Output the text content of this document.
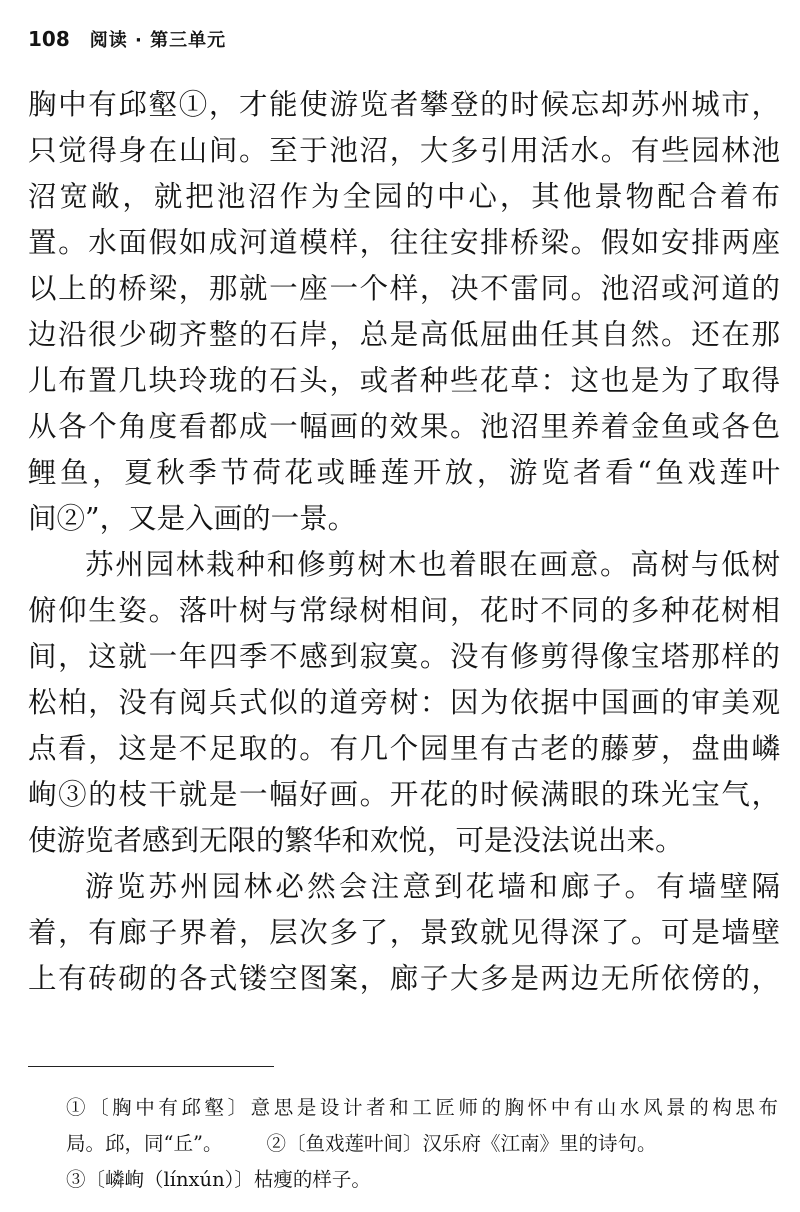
108 阅读 · 第三单元
胸中有邱壑①，才能使游览者攀登的时候忘却苏州城市，
只觉得身在山间。至于池沼，大多引用活水。有些园林池
沼宽敞，就把池沼作为全园的中心，其他景物配合着布
置。水面假如成河道模样，往往安排桥梁。假如安排两座
以上的桥梁，那就一座一个样，决不雷同。池沼或河道的
边沿很少砌齐整的石岸，总是高低屈曲任其自然。还在那
儿布置几块玲珑的石头，或者种些花草：这也是为了取得
从各个角度看都成一幅画的效果。池沼里养着金鱼或各色
鲤鱼，夏秋季节荷花或睡莲开放，游览者看“鱼戏莲叶
间②”，又是入画的一景。
苏州园林栽种和修剪树木也着眼在画意。高树与低树
俯仰生姿。落叶树与常绿树相间，花时不同的多种花树相
间，这就一年四季不感到寂寞。没有修剪得像宝塔那样的
松柏，没有阅兵式似的道旁树：因为依据中国画的审美观
点看，这是不足取的。有几个园里有古老的藤萝，盘曲嶙
峋③的枝干就是一幅好画。开花的时候满眼的珠光宝气，
使游览者感到无限的繁华和欢悦，可是没法说出来。
游览苏州园林必然会注意到花墙和廊子。有墙壁隔
着，有廊子界着，层次多了，景致就见得深了。可是墙壁
上有砖砌的各式镂空图案，廊子大多是两边无所依傍的，
①〔胸中有邱壑〕意思是设计者和工匠师的胸怀中有山水风景的构思布
局。邱，同“丘”。 ②〔鱼戏莲叶间〕汉乐府《江南》里的诗句。
③〔嶙峋（línxún）〕枯瘦的样子。
